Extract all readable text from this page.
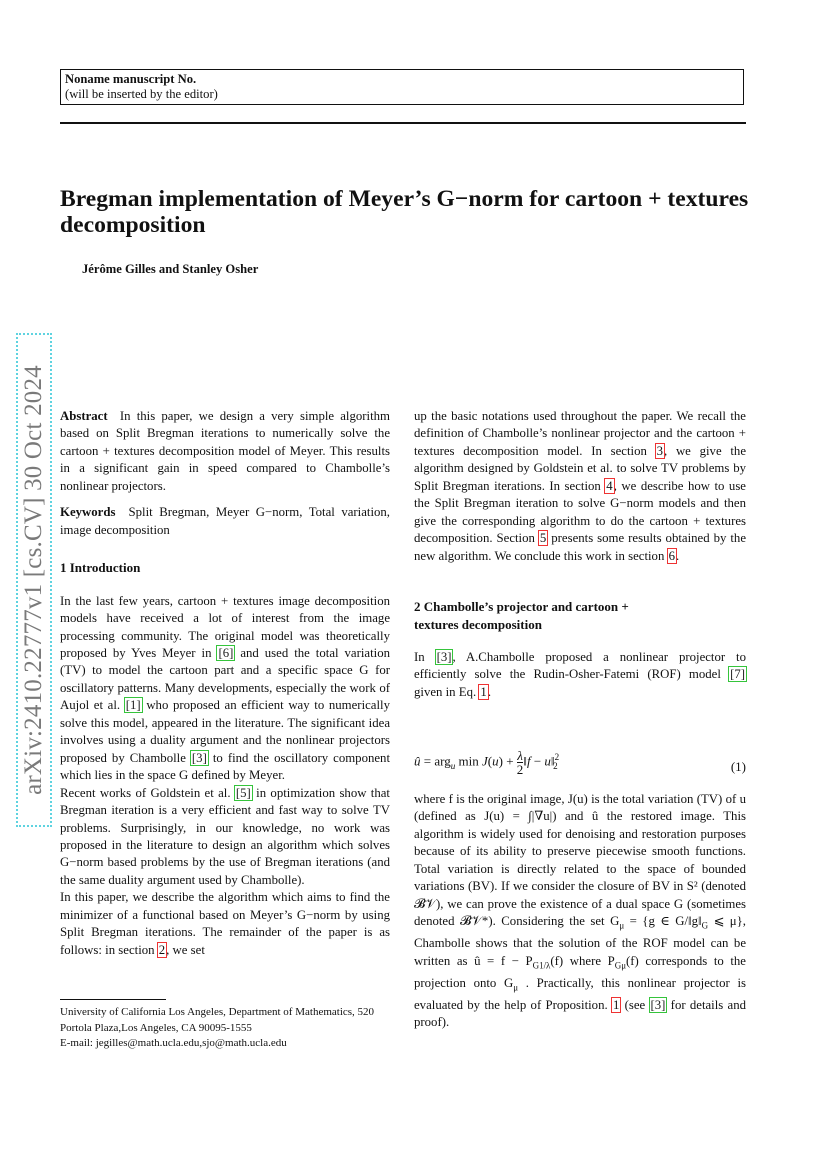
Noname manuscript No.
(will be inserted by the editor)
Bregman implementation of Meyer’s G−norm for cartoon + textures decomposition
Jérôme Gilles and Stanley Osher
arXiv:2410.22777v1 [cs.CV] 30 Oct 2024 Abstract In this paper, we design a very simple algorithm based on Split Bregman iterations to numerically solve the cartoon + textures decomposition model of Meyer. This results in a significant gain in speed compared to Chambolle’s nonlinear projectors.

Keywords Split Bregman, Meyer G−norm, Total variation, image decomposition

1 Introduction

In the last few years, cartoon + textures image decomposition models have received a lot of interest from the image processing community. The original model was theoretically proposed by Yves Meyer in [6] and used the total variation (TV) to model the cartoon part and a specific space G for oscillatory patterns. Many developments, especially the work of Aujol et al. [1] who proposed an efficient way to numerically solve this model, appeared in the literature. The significant idea involves using a duality argument and the nonlinear projectors proposed by Chambolle [3] to find the oscillatory component which lies in the space G defined by Meyer.

Recent works of Goldstein et al. [5] in optimization show that Bregman iteration is a very efficient and fast way to solve TV problems. Surprisingly, in our knowledge, no work was proposed in the literature to design an algorithm which solves G−norm based problems by the use of Bregman iterations (and the same duality argument used by Chambolle).

In this paper, we describe the algorithm which aims to find the minimizer of a functional based on Meyer’s G−norm by using Split Bregman iterations. The remainder of the paper is as follows: in section 2, we set

University of California Los Angeles, Department of Mathematics, 520 Portola Plaza,Los Angeles, CA 90095-1555
E-mail: jegilles@math.ucla.edu,sjo@math.ucla.edu

up the basic notations used throughout the paper. We recall the definition of Chambolle’s nonlinear projector and the cartoon + textures decomposition model. In section 3, we give the algorithm designed by Goldstein et al. to solve TV problems by Split Bregman iterations. In section 4, we describe how to use the Split Bregman iteration to solve G−norm models and then give the corresponding algorithm to do the cartoon + textures decomposition. Section 5 presents some results obtained by the new algorithm. We conclude this work in section 6.

2 Chambolle’s projector and cartoon +
textures decomposition

In [3], A.Chambolle proposed a nonlinear projector to efficiently solve the Rudin-Osher-Fatemi (ROF) model [7] given in Eq. 1.

û = arg$_u$ $\min J(u) + \frac{\lambda}{2}$ ‖f − u‖$^2_2$	(1)

where f is the original image, J(u) is the total variation (TV) of u (defined as J(u) = ∫|∇u|) and û the restored image. This algorithm is widely used for denoising and restoration purposes because of its ability to preserve piecewise smooth functions. Total variation is directly related to the space of bounded variations (BV). If we consider the closure of BV in S² (denoted 𝓑𝒱), we can prove the existence of a dual space G (sometimes denoted 𝓑𝒱*). Considering the set $G_\mu = \{g$ ∈ $G/‖g‖_G$ ⩽ μ}, Chambolle shows that the solution of the ROF model can be written as û = $f - P_{G1/\lambda}(f)$ where $P_{G\mu}(f)$ corresponds to the projection onto $G_\mu$ . Practically, this nonlinear projector is evaluated by the help of Proposition. 1 (see [3] for details and proof).
